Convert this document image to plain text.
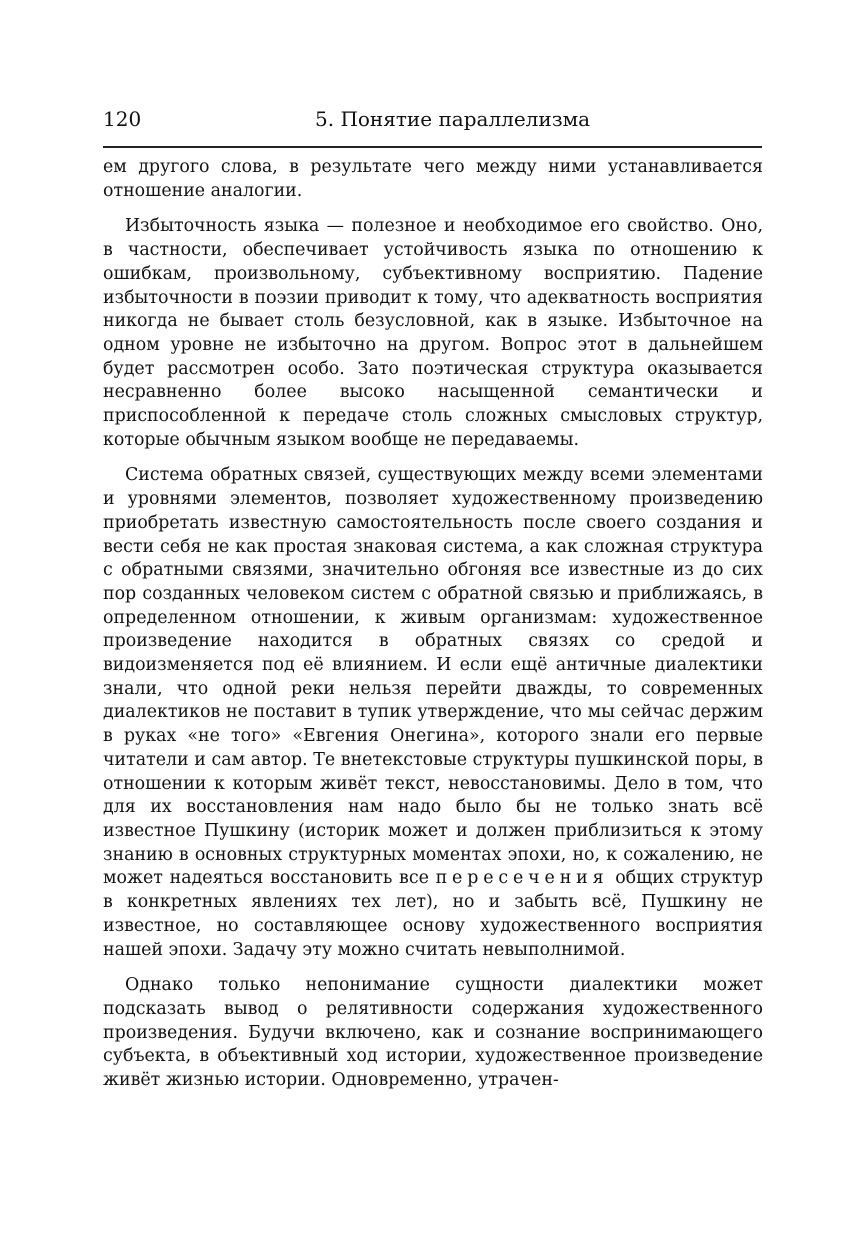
120	5. Понятие параллелизма

ем другого слова, в результате чего между ними устанавливается отношение аналогии.

Избыточность языка — полезное и необходимое его свойство. Оно, в частности, обеспечивает устойчивость языка по отношению к ошибкам, произвольному, субъективному восприятию. Падение избыточности в поэзии приводит к тому, что адекватность восприятия никогда не бывает столь безусловной, как в языке. Избыточное на одном уровне не избыточно на другом. Вопрос этот в дальнейшем будет рассмотрен особо. Зато поэтическая структура оказывается несравненно более высоко насыщенной семантически и приспособленной к передаче столь сложных смысловых структур, которые обычным языком вообще не передаваемы.

Система обратных связей, существующих между всеми элементами и уровнями элементов, позволяет художественному произведению приобретать известную самостоятельность после своего создания и вести себя не как простая знаковая система, а как сложная структура с обратными связями, значительно обгоняя все известные из до сих пор созданных человеком систем с обратной связью и приближаясь, в определенном отношении, к живым организмам: художественное произведение находится в обратных связях со средой и видоизменяется под её влиянием. И если ещё античные диалектики знали, что одной реки нельзя перейти дважды, то современных диалектиков не поставит в тупик утверждение, что мы сейчас держим в руках «не того» «Евгения Онегина», которого знали его первые читатели и сам автор. Те внетекстовые структуры пушкинской поры, в отношении к которым живёт текст, невосстановимы. Дело в том, что для их восстановления нам надо было бы не только знать всё известное Пушкину (историк может и должен приблизиться к этому знанию в основных структурных моментах эпохи, но, к сожалению, не может надеяться восстановить все пересечения общих структур в конкретных явлениях тех лет), но и забыть всё, Пушкину не известное, но составляющее основу художественного восприятия нашей эпохи. Задачу эту можно считать невыполнимой.

Однако только непонимание сущности диалектики может подсказать вывод о релятивности содержания художественного произведения. Будучи включено, как и сознание воспринимающего субъекта, в объективный ход истории, художественное произведение живёт жизнью истории. Одновременно, утрачен-
